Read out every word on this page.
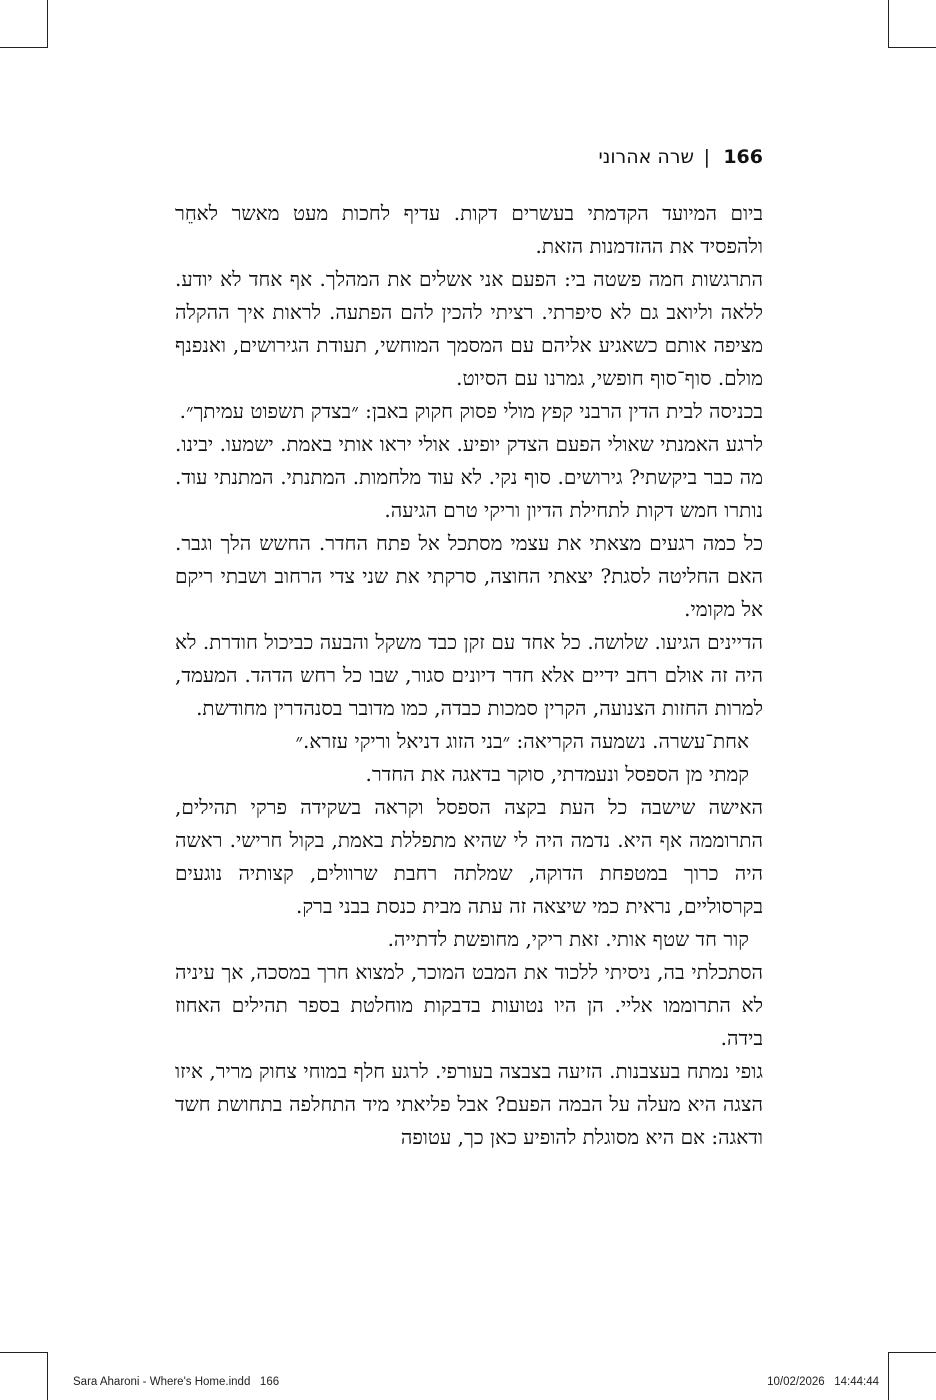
166
|
שרה אהרוני

ביום המיועד הקדמתי בעשרים דקות. עדיף לחכות מעט מאשר לאחֵר ולהפסיד את ההזדמנות הזאת.

התרגשות חמה פשטה בי: הפעם אני אשלים את המהלך. אף אחד לא יודע. ללאה וליואב גם לא סיפרתי. רציתי להכין להם הפתעה. לראות איך ההקלה מציפה אותם כשאגיע אליהם עם המסמך המוחשי, תעודת הגירושים, ואנפנף מולם. סוף־סוף חופשי, גמרנו עם הסיוט.

בכניסה לבית הדין הרבני קפץ מולי פסוק חקוק באבן: ״בצדק תשפוט עמיתך״.

לרגע האמנתי שאולי הפעם הצדק יופיע. אולי יראו אותי באמת. ישמעו. יבינו. מה כבר ביקשתי? גירושים. סוף נקי. לא עוד מלחמות. המתנתי. המתנתי עוד. נותרו חמש דקות לתחילת הדיון וריקי טרם הגיעה.

כל כמה רגעים מצאתי את עצמי מסתכל אל פתח החדר. החשש הלך וגבר. האם החליטה לסגת? יצאתי החוצה, סרקתי את שני צדי הרחוב ושבתי ריקם אל מקומי.

הדיינים הגיעו. שלושה. כל אחד עם זקן כבד משקל והבעה כביכול חודרת. לא היה זה אולם רחב ידיים אלא חדר דיונים סגור, שבו כל רחש הדהד. המעמד, למרות החזות הצנועה, הקרין סמכות כבדה, כמו מדובר בסנהדרין מחודשת.

אחת־עשרה. נשמעה הקריאה: ״בני הזוג דניאל וריקי עזרא.״

קמתי מן הספסל ונעמדתי, סוקר בדאגה את החדר.

האישה שישבה כל העת בקצה הספסל וקראה בשקידה פרקי תהילים, התרוממה אף היא. נדמה היה לי שהיא מתפללת באמת, בקול חרישי. ראשה היה כרוך במטפחת הדוקה, שמלתה רחבת שרוולים, קצותיה נוגעים בקרסוליים, נראית כמי שיצאה זה עתה מבית כנסת בבני ברק.

קור חד שטף אותי. זאת ריקי, מחופשת לדתייה.

הסתכלתי בה, ניסיתי ללכוד את המבט המוכר, למצוא חרך במסכה, אך עיניה לא התרוממו אליי. הן היו נטועות בדבקות מוחלטת בספר תהילים האחוז בידה.

גופי נמתח בעצבנות. הזיעה בצבצה בעורפי. לרגע חלף במוחי צחוק מריר, איזו הצגה היא מעלה על הבמה הפעם? אבל פליאתי מיד התחלפה בתחושת חשד ודאגה: אם היא מסוגלת להופיע כאן כך, עטופה

Sara Aharoni - Where's Home.indd   166	10/02/2026   14:44:44
